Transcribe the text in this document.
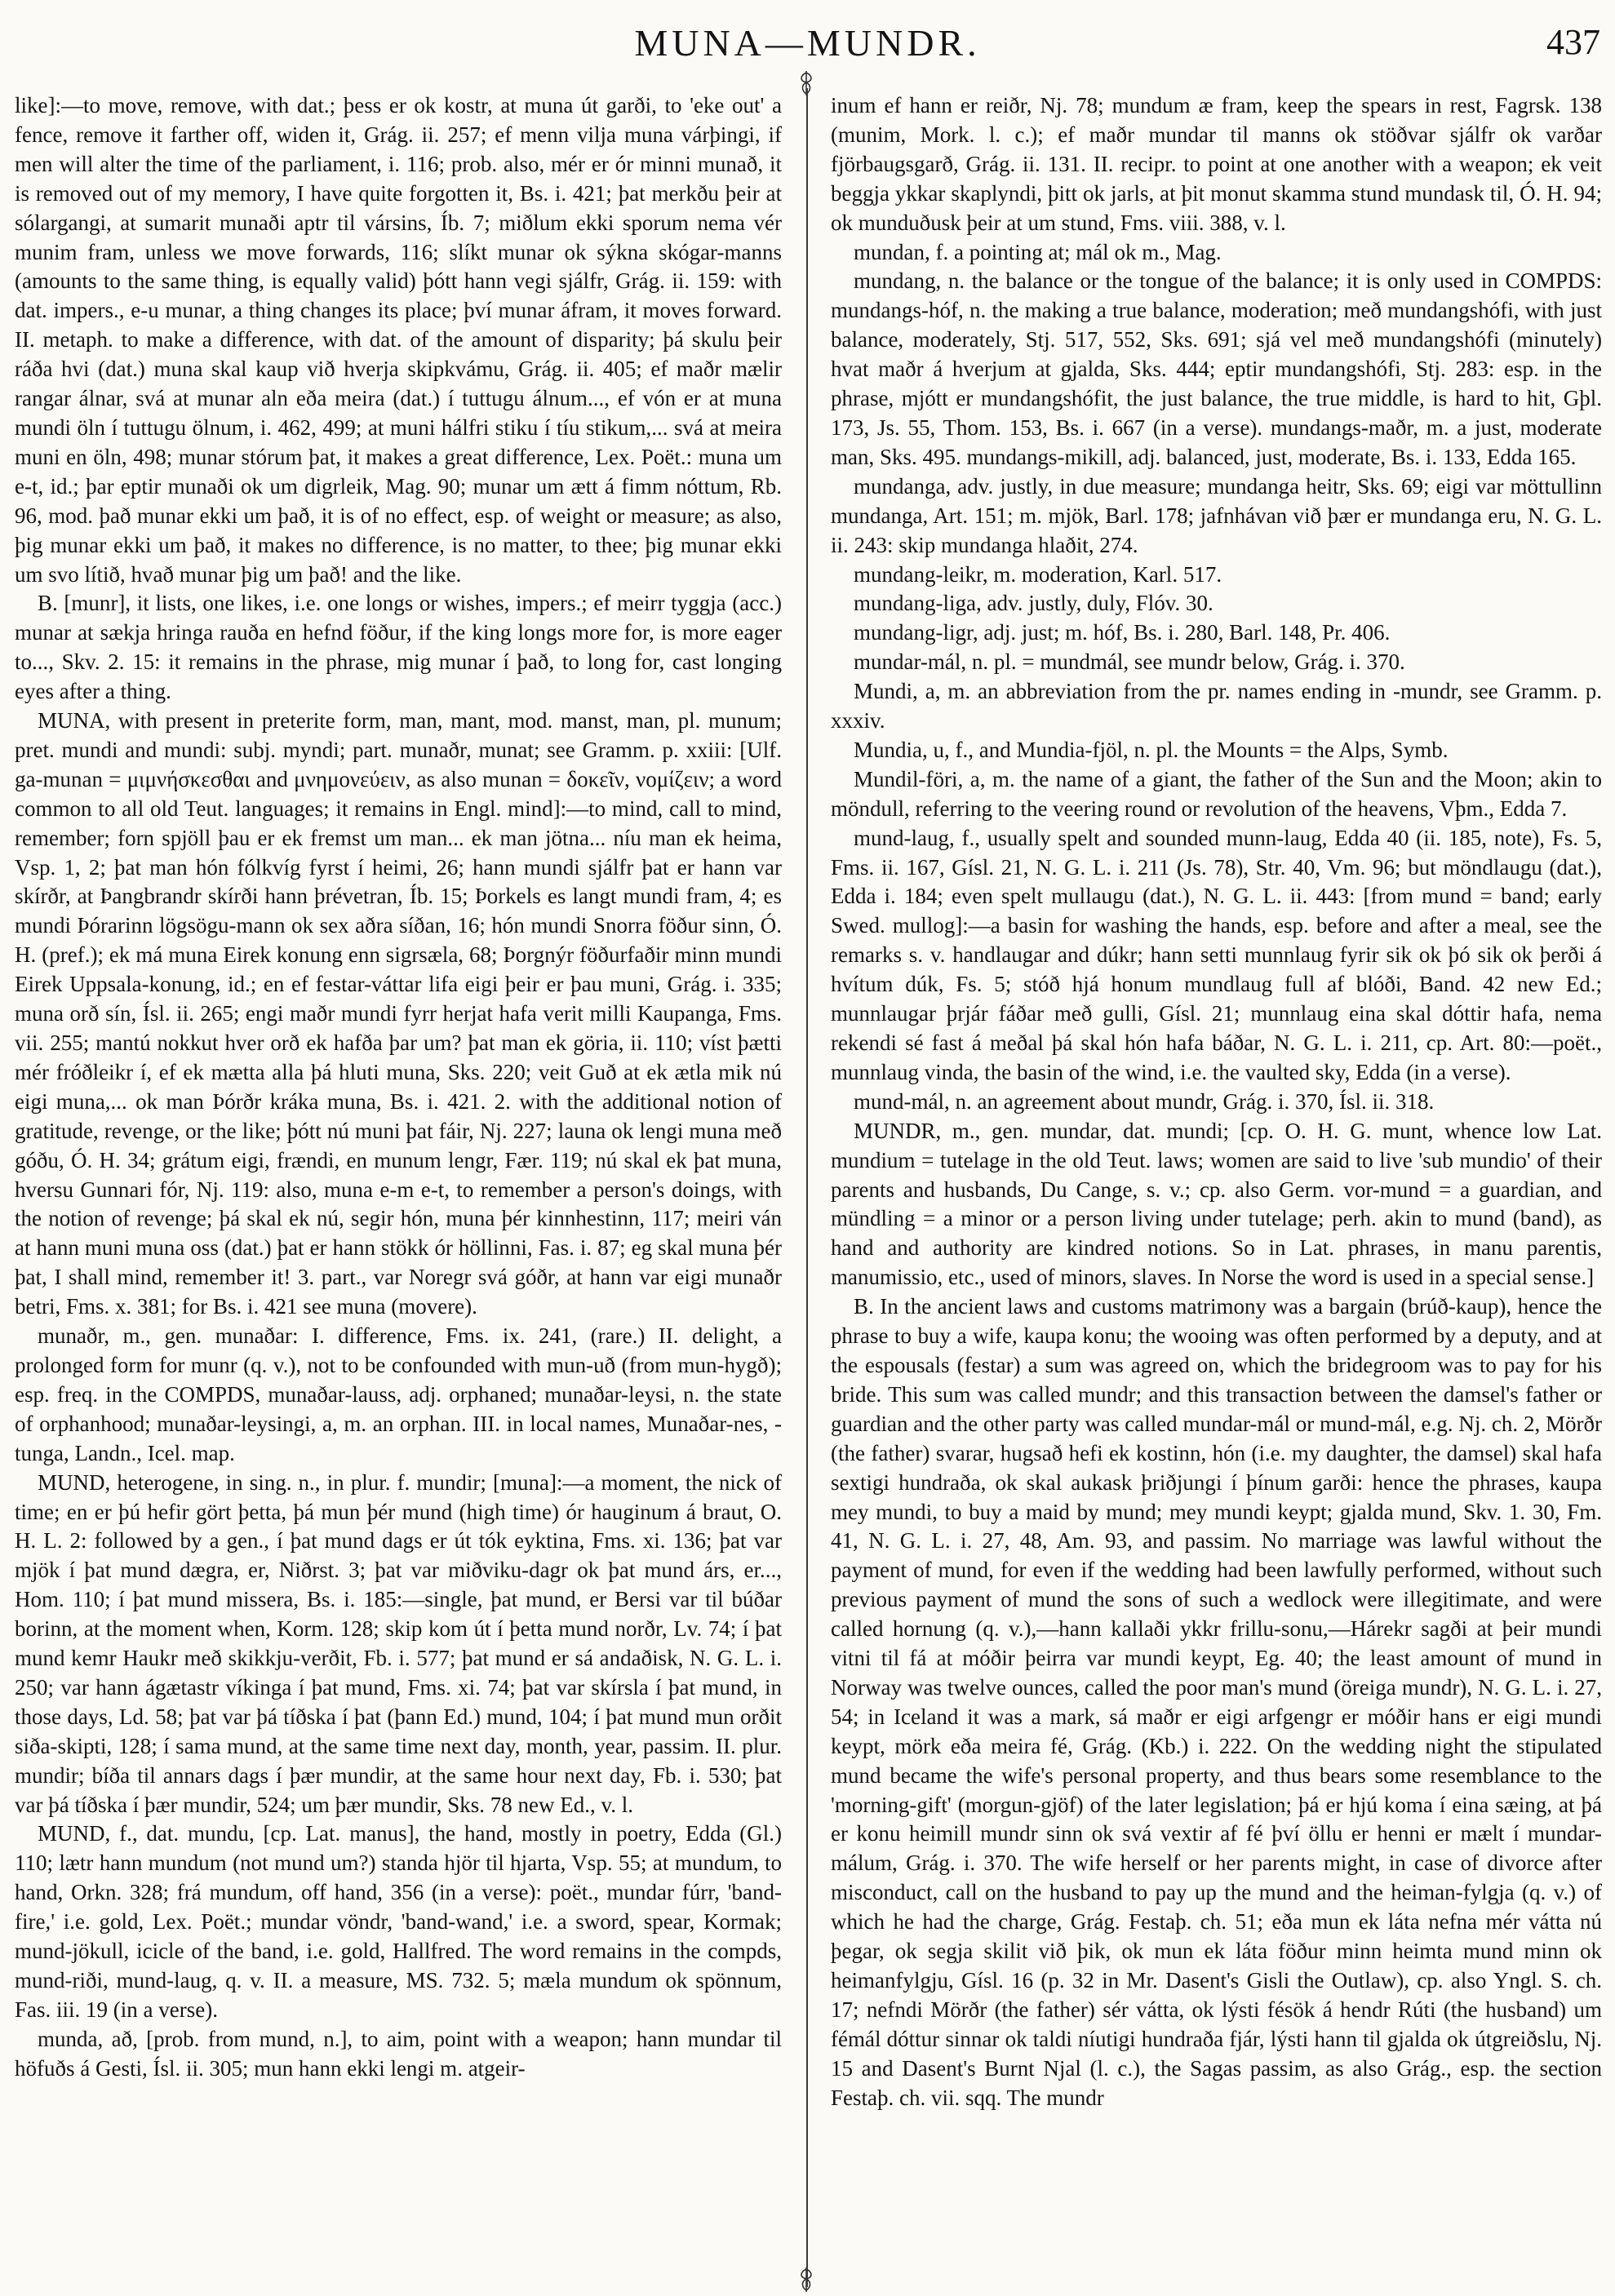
MUNA—MUNDR.	437

like]:—to move, remove, with dat.; þess er ok kostr, at muna út garði, to 'eke out' a fence, remove it farther off, widen it, Grág. ii. 257; ef menn vilja muna várþingi, if men will alter the time of the parliament, i. 116; prob. also, mér er ór minni munað, it is removed out of my memory, I have quite forgotten it, Bs. i. 421; þat merkðu þeir at sólargangi, at sumarit munaði aptr til vársins, Íb. 7; miðlum ekki sporum nema vér munim fram, unless we move forwards, 116; slíkt munar ok sýkna skógar-manns (amounts to the same thing, is equally valid) þótt hann vegi sjálfr, Grág. ii. 159: with dat. impers., e-u munar, a thing changes its place; því munar áfram, it moves forward. II. metaph. to make a difference, with dat. of the amount of disparity; þá skulu þeir ráða hvi (dat.) muna skal kaup við hverja skipkvámu, Grág. ii. 405; ef maðr mælir rangar álnar, svá at munar aln eða meira (dat.) í tuttugu álnum..., ef vón er at muna mundi öln í tuttugu ölnum, i. 462, 499; at muni hálfri stiku í tíu stikum,... svá at meira muni en öln, 498; munar stórum þat, it makes a great difference, Lex. Poët.: muna um e-t, id.; þar eptir munaði ok um digrleik, Mag. 90; munar um ætt á fimm nóttum, Rb. 96, mod. það munar ekki um það, it is of no effect, esp. of weight or measure; as also, þig munar ekki um það, it makes no difference, is no matter, to thee; þig munar ekki um svo lítið, hvað munar þig um það! and the like.

B. [munr], it lists, one likes, i.e. one longs or wishes, impers.; ef meirr tyggja (acc.) munar at sækja hringa rauða en hefnd föður, if the king longs more for, is more eager to..., Skv. 2. 15: it remains in the phrase, mig munar í það, to long for, cast longing eyes after a thing.

MUNA, with present in preterite form, man, mant, mod. manst, man, pl. munum; pret. mundi and mundi: subj. myndi; part. munaðr, munat; see Gramm. p. xxiii: [Ulf. ga-munan = μιμνήσκεσθαι and μνημονεύειν, as also munan = δοκεῖν, νομίζειν; a word common to all old Teut. languages; it remains in Engl. mind]:—to mind, call to mind, remember; forn spjöll þau er ek fremst um man... ek man jötna... níu man ek heima, Vsp. 1, 2; þat man hón fólkvíg fyrst í heimi, 26; hann mundi sjálfr þat er hann var skírðr, at Þangbrandr skírði hann þrévetran, Íb. 15; Þorkels es langt mundi fram, 4; es mundi Þórarinn lögsögu-mann ok sex aðra síðan, 16; hón mundi Snorra föður sinn, Ó. H. (pref.); ek má muna Eirek konung enn sigrsæla, 68; Þorgnýr föðurfaðir minn mundi Eirek Uppsala-konung, id.; en ef festar-váttar lifa eigi þeir er þau muni, Grág. i. 335; muna orð sín, Ísl. ii. 265; engi maðr mundi fyrr herjat hafa verit milli Kaupanga, Fms. vii. 255; mantú nokkut hver orð ek hafða þar um? þat man ek göria, ii. 110; víst þætti mér fróðleikr í, ef ek mætta alla þá hluti muna, Sks. 220; veit Guð at ek ætla mik nú eigi muna,... ok man Þórðr kráka muna, Bs. i. 421. 2. with the additional notion of gratitude, revenge, or the like; þótt nú muni þat fáir, Nj. 227; launa ok lengi muna með góðu, Ó. H. 34; grátum eigi, frændi, en munum lengr, Fær. 119; nú skal ek þat muna, hversu Gunnari fór, Nj. 119: also, muna e-m e-t, to remember a person's doings, with the notion of revenge; þá skal ek nú, segir hón, muna þér kinnhestinn, 117; meiri ván at hann muni muna oss (dat.) þat er hann stökk ór höllinni, Fas. i. 87; eg skal muna þér þat, I shall mind, remember it! 3. part., var Noregr svá góðr, at hann var eigi munaðr betri, Fms. x. 381; for Bs. i. 421 see muna (movere).

munaðr, m., gen. munaðar: I. difference, Fms. ix. 241, (rare.) II. delight, a prolonged form for munr (q. v.), not to be confounded with mun-uð (from mun-hygð); esp. freq. in the COMPDS, munaðar-lauss, adj. orphaned; munaðar-leysi, n. the state of orphanhood; munaðar-leysingi, a, m. an orphan. III. in local names, Munaðar-nes, -tunga, Landn., Icel. map.

MUND, heterogene, in sing. n., in plur. f. mundir; [muna]:—a moment, the nick of time; en er þú hefir gört þetta, þá mun þér mund (high time) ór hauginum á braut, O. H. L. 2: followed by a gen., í þat mund dags er út tók eyktina, Fms. xi. 136; þat var mjök í þat mund dægra, er, Niðrst. 3; þat var miðviku-dagr ok þat mund árs, er..., Hom. 110; í þat mund missera, Bs. i. 185:—single, þat mund, er Bersi var til búðar borinn, at the moment when, Korm. 128; skip kom út í þetta mund norðr, Lv. 74; í þat mund kemr Haukr með skikkju-verðit, Fb. i. 577; þat mund er sá andaðisk, N. G. L. i. 250; var hann ágætastr víkinga í þat mund, Fms. xi. 74; þat var skírsla í þat mund, in those days, Ld. 58; þat var þá tíðska í þat (þann Ed.) mund, 104; í þat mund mun orðit siða-skipti, 128; í sama mund, at the same time next day, month, year, passim. II. plur. mundir; bíða til annars dags í þær mundir, at the same hour next day, Fb. i. 530; þat var þá tíðska í þær mundir, 524; um þær mundir, Sks. 78 new Ed., v. l.

MUND, f., dat. mundu, [cp. Lat. manus], the hand, mostly in poetry, Edda (Gl.) 110; lætr hann mundum (not mund um?) standa hjör til hjarta, Vsp. 55; at mundum, to hand, Orkn. 328; frá mundum, off hand, 356 (in a verse): poët., mundar fúrr, 'band-fire,' i.e. gold, Lex. Poët.; mundar vöndr, 'band-wand,' i.e. a sword, spear, Kormak; mund-jökull, icicle of the band, i.e. gold, Hallfred. The word remains in the compds, mund-riði, mund-laug, q. v. II. a measure, MS. 732. 5; mæla mundum ok spönnum, Fas. iii. 19 (in a verse).

munda, að, [prob. from mund, n.], to aim, point with a weapon; hann mundar til höfuðs á Gesti, Ísl. ii. 305; mun hann ekki lengi m. atgeir-

inum ef hann er reiðr, Nj. 78; mundum æ fram, keep the spears in rest, Fagrsk. 138 (munim, Mork. l. c.); ef maðr mundar til manns ok stöðvar sjálfr ok varðar fjörbaugsgarð, Grág. ii. 131. II. recipr. to point at one another with a weapon; ek veit beggja ykkar skaplyndi, þitt ok jarls, at þit monut skamma stund mundask til, Ó. H. 94; ok munduðusk þeir at um stund, Fms. viii. 388, v. l.

mundan, f. a pointing at; mál ok m., Mag.

mundang, n. the balance or the tongue of the balance; it is only used in COMPDS: mundangs-hóf, n. the making a true balance, moderation; með mundangshófi, with just balance, moderately, Stj. 517, 552, Sks. 691; sjá vel með mundangshófi (minutely) hvat maðr á hverjum at gjalda, Sks. 444; eptir mundangshófi, Stj. 283: esp. in the phrase, mjótt er mundangshófit, the just balance, the true middle, is hard to hit, Gþl. 173, Js. 55, Thom. 153, Bs. i. 667 (in a verse). mundangs-maðr, m. a just, moderate man, Sks. 495. mundangs-mikill, adj. balanced, just, moderate, Bs. i. 133, Edda 165.

mundanga, adv. justly, in due measure; mundanga heitr, Sks. 69; eigi var möttullinn mundanga, Art. 151; m. mjök, Barl. 178; jafnhávan við þær er mundanga eru, N. G. L. ii. 243: skip mundanga hlaðit, 274.

mundang-leikr, m. moderation, Karl. 517.

mundang-liga, adv. justly, duly, Flóv. 30.

mundang-ligr, adj. just; m. hóf, Bs. i. 280, Barl. 148, Pr. 406.

mundar-mál, n. pl. = mundmál, see mundr below, Grág. i. 370.

Mundi, a, m. an abbreviation from the pr. names ending in -mundr, see Gramm. p. xxxiv.

Mundia, u, f., and Mundia-fjöl, n. pl. the Mounts = the Alps, Symb.

Mundil-föri, a, m. the name of a giant, the father of the Sun and the Moon; akin to möndull, referring to the veering round or revolution of the heavens, Vþm., Edda 7.

mund-laug, f., usually spelt and sounded munn-laug, Edda 40 (ii. 185, note), Fs. 5, Fms. ii. 167, Gísl. 21, N. G. L. i. 211 (Js. 78), Str. 40, Vm. 96; but möndlaugu (dat.), Edda i. 184; even spelt mullaugu (dat.), N. G. L. ii. 443: [from mund = band; early Swed. mullog]:—a basin for washing the hands, esp. before and after a meal, see the remarks s. v. handlaugar and dúkr; hann setti munnlaug fyrir sik ok þó sik ok þerði á hvítum dúk, Fs. 5; stóð hjá honum mundlaug full af blóði, Band. 42 new Ed.; munnlaugar þrjár fáðar með gulli, Gísl. 21; munnlaug eina skal dóttir hafa, nema rekendi sé fast á meðal þá skal hón hafa báðar, N. G. L. i. 211, cp. Art. 80:—poët., munnlaug vinda, the basin of the wind, i.e. the vaulted sky, Edda (in a verse).

mund-mál, n. an agreement about mundr, Grág. i. 370, Ísl. ii. 318.

MUNDR, m., gen. mundar, dat. mundi; [cp. O. H. G. munt, whence low Lat. mundium = tutelage in the old Teut. laws; women are said to live 'sub mundio' of their parents and husbands, Du Cange, s. v.; cp. also Germ. vor-mund = a guardian, and mündling = a minor or a person living under tutelage; perh. akin to mund (band), as hand and authority are kindred notions. So in Lat. phrases, in manu parentis, manumissio, etc., used of minors, slaves. In Norse the word is used in a special sense.]

B. In the ancient laws and customs matrimony was a bargain (brúð-kaup), hence the phrase to buy a wife, kaupa konu; the wooing was often performed by a deputy, and at the espousals (festar) a sum was agreed on, which the bridegroom was to pay for his bride. This sum was called mundr; and this transaction between the damsel's father or guardian and the other party was called mundar-mál or mund-mál, e.g. Nj. ch. 2, Mörðr (the father) svarar, hugsað hefi ek kostinn, hón (i.e. my daughter, the damsel) skal hafa sextigi hundraða, ok skal aukask þriðjungi í þínum garði: hence the phrases, kaupa mey mundi, to buy a maid by mund; mey mundi keypt; gjalda mund, Skv. 1. 30, Fm. 41, N. G. L. i. 27, 48, Am. 93, and passim. No marriage was lawful without the payment of mund, for even if the wedding had been lawfully performed, without such previous payment of mund the sons of such a wedlock were illegitimate, and were called hornung (q. v.),—hann kallaði ykkr frillu-sonu,—Hárekr sagði at þeir mundi vitni til fá at móðir þeirra var mundi keypt, Eg. 40; the least amount of mund in Norway was twelve ounces, called the poor man's mund (öreiga mundr), N. G. L. i. 27, 54; in Iceland it was a mark, sá maðr er eigi arfgengr er móðir hans er eigi mundi keypt, mörk eða meira fé, Grág. (Kb.) i. 222. On the wedding night the stipulated mund became the wife's personal property, and thus bears some resemblance to the 'morning-gift' (morgun-gjöf) of the later legislation; þá er hjú koma í eina sæing, at þá er konu heimill mundr sinn ok svá vextir af fé því öllu er henni er mælt í mundar-málum, Grág. i. 370. The wife herself or her parents might, in case of divorce after misconduct, call on the husband to pay up the mund and the heiman-fylgja (q. v.) of which he had the charge, Grág. Festaþ. ch. 51; eða mun ek láta nefna mér vátta nú þegar, ok segja skilit við þik, ok mun ek láta föður minn heimta mund minn ok heimanfylgju, Gísl. 16 (p. 32 in Mr. Dasent's Gisli the Outlaw), cp. also Yngl. S. ch. 17; nefndi Mörðr (the father) sér vátta, ok lýsti fésök á hendr Rúti (the husband) um fémál dóttur sinnar ok taldi níutigi hundraða fjár, lýsti hann til gjalda ok útgreiðslu, Nj. 15 and Dasent's Burnt Njal (l. c.), the Sagas passim, as also Grág., esp. the section Festaþ. ch. vii. sqq. The mundr
